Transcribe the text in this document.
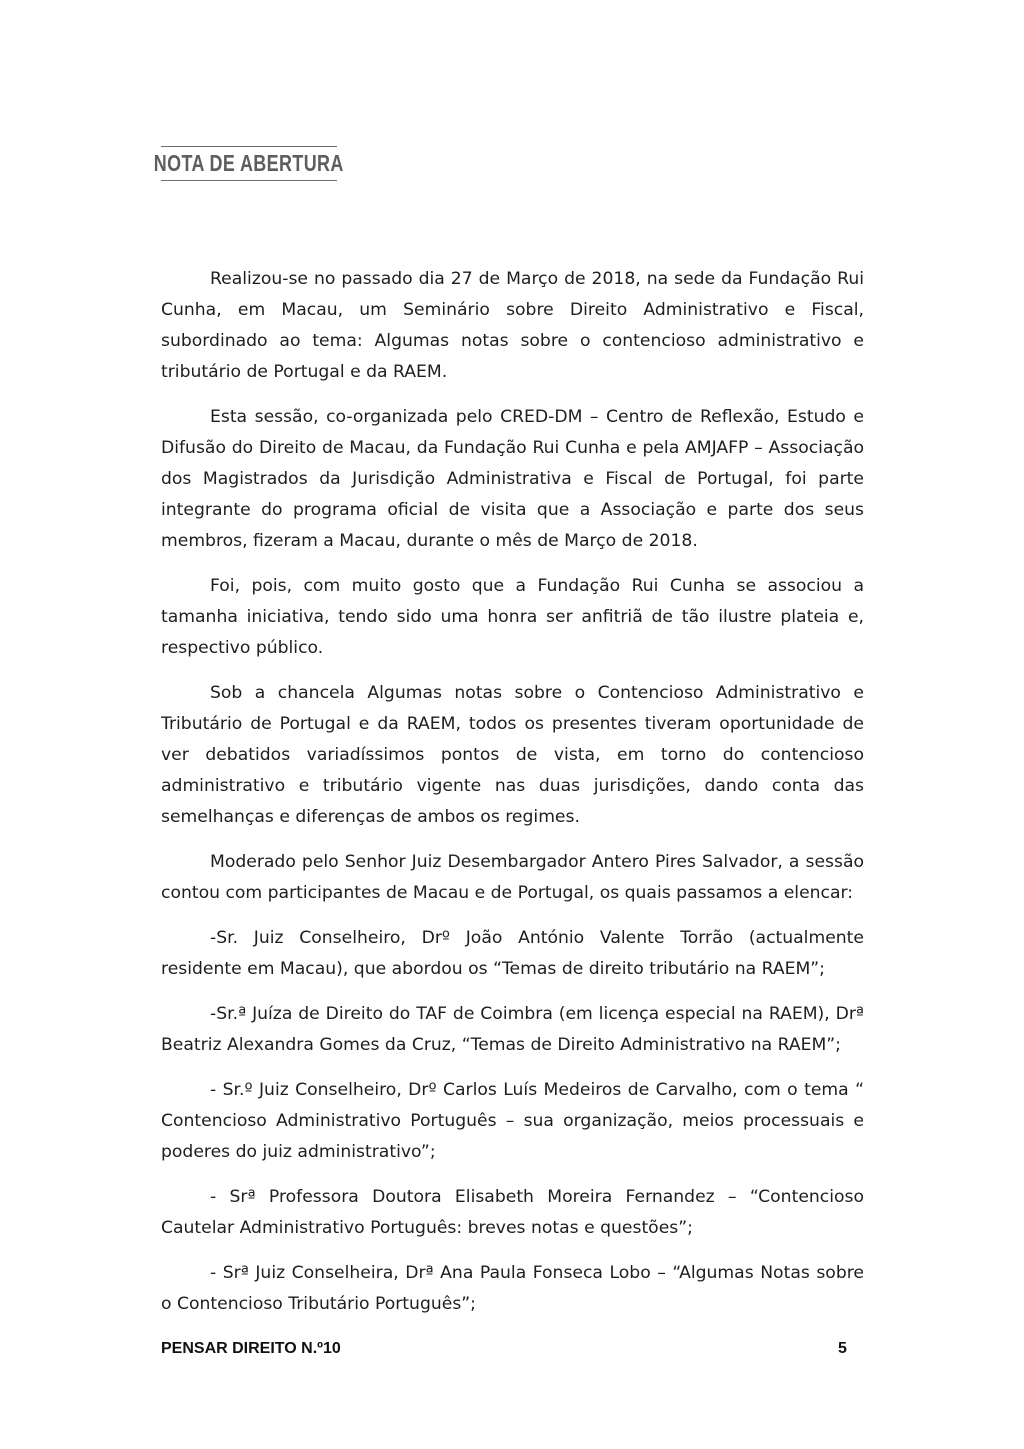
NOTA DE ABERTURA

Realizou-se no passado dia 27 de Março de 2018, na sede da Fundação Rui Cunha, em Macau, um Seminário sobre Direito Administrativo e Fiscal, subordinado ao tema: Algumas notas sobre o contencioso administrativo e tributário de Portugal e da RAEM.

Esta sessão, co-organizada pelo CRED-DM – Centro de Reflexão, Estudo e Difusão do Direito de Macau, da Fundação Rui Cunha e pela AMJAFP – Associação dos Magistrados da Jurisdição Administrativa e Fiscal de Portugal, foi parte integrante do programa oficial de visita que a Associação e parte dos seus membros, fizeram a Macau, durante o mês de Março de 2018.

Foi, pois, com muito gosto que a Fundação Rui Cunha se associou a tamanha iniciativa, tendo sido uma honra ser anfitriã de tão ilustre plateia e, respectivo público.

Sob a chancela Algumas notas sobre o Contencioso Administrativo e Tributário de Portugal e da RAEM, todos os presentes tiveram oportunidade de ver debatidos variadíssimos pontos de vista, em torno do contencioso administrativo e tributário vigente nas duas jurisdições, dando conta das semelhanças e diferenças de ambos os regimes.

Moderado pelo Senhor Juiz Desembargador Antero Pires Salvador, a sessão contou com participantes de Macau e de Portugal, os quais passamos a elencar:

-Sr. Juiz Conselheiro, Drº João António Valente Torrão (actualmente residente em Macau), que abordou os “Temas de direito tributário na RAEM”;

-Sr.ª Juíza de Direito do TAF de Coimbra (em licença especial na RAEM), Drª Beatriz Alexandra Gomes da Cruz, “Temas de Direito Administrativo na RAEM”;

- Sr.º Juiz Conselheiro, Drº Carlos Luís Medeiros de Carvalho, com o tema “ Contencioso Administrativo Português – sua organização, meios processuais e poderes do juiz administrativo”;

- Srª Professora Doutora Elisabeth Moreira Fernandez – “Contencioso Cautelar Administrativo Português: breves notas e questões”;

- Srª Juiz Conselheira, Drª Ana Paula Fonseca Lobo – “Algumas Notas sobre o Contencioso Tributário Português”;

PENSAR DIREITO N.º10	5
